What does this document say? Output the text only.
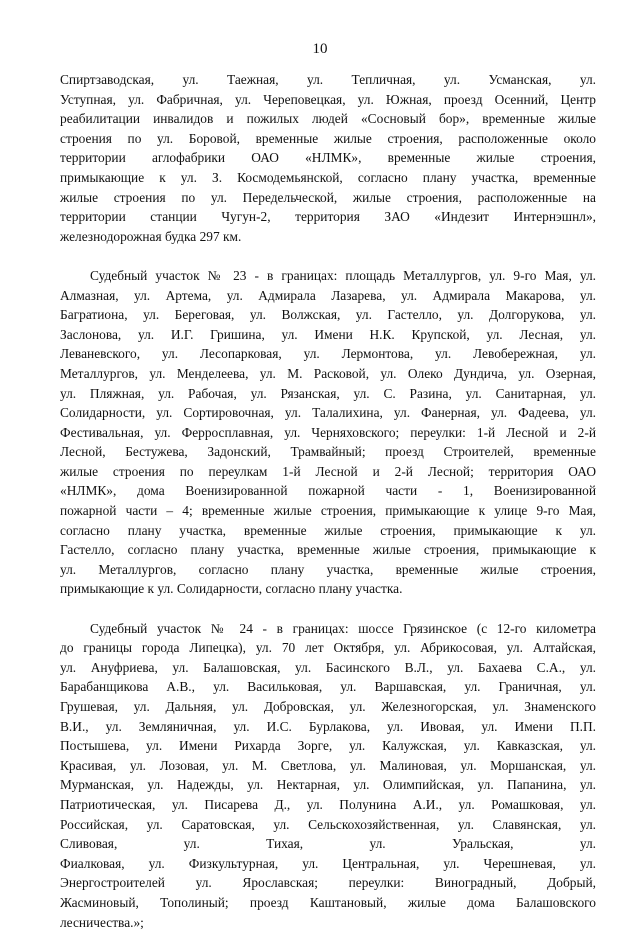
10
Спиртзаводская, ул. Таежная, ул. Тепличная, ул. Усманская, ул.
Уступная, ул. Фабричная, ул. Череповецкая, ул. Южная, проезд Осенний, Центр
реабилитации инвалидов и пожилых людей «Сосновый бор», временные жилые
строения по ул. Боровой, временные жилые строения, расположенные около
территории аглофабрики ОАО «НЛМК», временные жилые строения,
примыкающие к ул. З. Космодемьянской, согласно плану участка, временные
жилые строения по ул. Передельческой, жилые строения, расположенные на
территории станции Чугун-2, территория ЗАО «Индезит Интернэшнл»,
железнодорожная будка 297 км.
Судебный участок № 23 - в границах: площадь Металлургов, ул. 9-го Мая, ул.
Алмазная, ул. Артема, ул. Адмирала Лазарева, ул. Адмирала Макарова, ул.
Багратиона, ул. Береговая, ул. Волжская, ул. Гастелло, ул. Долгорукова, ул.
Заслонова, ул. И.Г. Гришина, ул. Имени Н.К. Крупской, ул. Лесная, ул.
Леваневского, ул. Лесопарковая, ул. Лермонтова, ул. Левобережная, ул.
Металлургов, ул. Менделеева, ул. М. Расковой, ул. Олеко Дундича, ул. Озерная,
ул. Пляжная, ул. Рабочая, ул. Рязанская, ул. С. Разина, ул. Санитарная, ул.
Солидарности, ул. Сортировочная, ул. Талалихина, ул. Фанерная, ул. Фадеева, ул.
Фестивальная, ул. Ферросплавная, ул. Черняховского; переулки: 1-й Лесной и 2-й
Лесной, Бестужева, Задонский, Трамвайный; проезд Строителей, временные
жилые строения по переулкам 1-й Лесной и 2-й Лесной; территория ОАО
«НЛМК», дома Военизированной пожарной части - 1, Военизированной
пожарной части – 4; временные жилые строения, примыкающие к улице 9-го Мая,
согласно плану участка, временные жилые строения, примыкающие к ул.
Гастелло, согласно плану участка, временные жилые строения, примыкающие к
ул. Металлургов, согласно плану участка, временные жилые строения,
примыкающие к ул. Солидарности, согласно плану участка.
Судебный участок № 24 - в границах: шоссе Грязинское (с 12-го километра
до границы города Липецка), ул. 70 лет Октября, ул. Абрикосовая, ул. Алтайская,
ул. Ануфриева, ул. Балашовская, ул. Басинского В.Л., ул. Бахаева С.А., ул.
Барабанщикова А.В., ул. Васильковая, ул. Варшавская, ул. Граничная, ул.
Грушевая, ул. Дальняя, ул. Добровская, ул. Железногорская, ул. Знаменского
В.И., ул. Земляничная, ул. И.С. Бурлакова, ул. Ивовая, ул. Имени П.П.
Постышева, ул. Имени Рихарда Зорге, ул. Калужская, ул. Кавказская, ул.
Красивая, ул. Лозовая, ул. М. Светлова, ул. Малиновая, ул. Моршанская, ул.
Мурманская, ул. Надежды, ул. Нектарная, ул. Олимпийская, ул. Папанина, ул.
Патриотическая, ул. Писарева Д., ул. Полунина А.И., ул. Ромашковая, ул.
Российская, ул. Саратовская, ул. Сельскохозяйственная, ул. Славянская, ул.
Сливовая, ул. Тихая, ул. Уральская, ул.
Фиалковая, ул. Физкультурная, ул. Центральная, ул. Черешневая, ул.
Энергостроителей ул. Ярославская; переулки: Виноградный, Добрый,
Жасминовый, Тополиный; проезд Каштановый, жилые дома Балашовского
лесничества.»;
